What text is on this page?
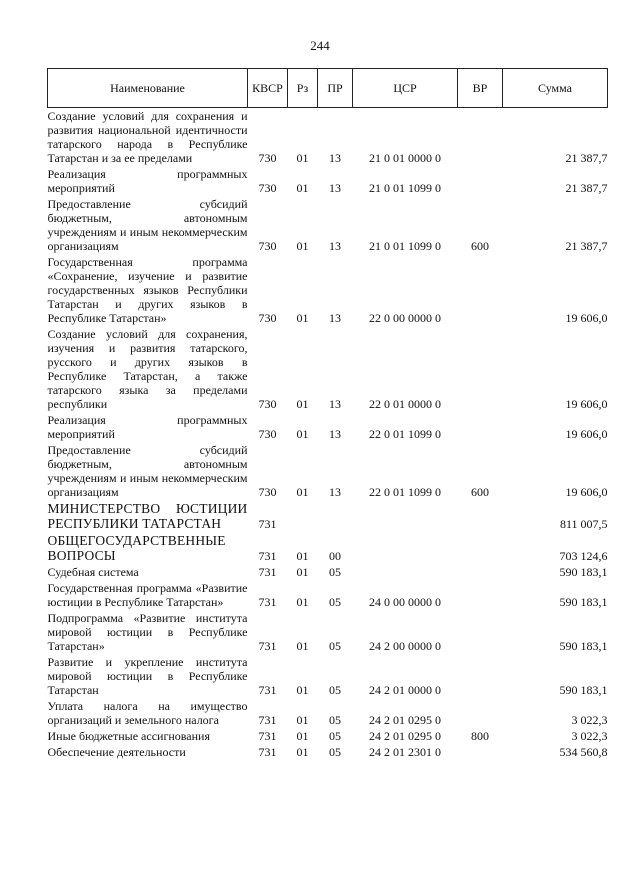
244
Наименование	КВСР	Рз	ПР	ЦСР	ВР	Сумма
Создание условий для сохранения и развития национальной идентичности татарского народа в Республике Татарстан и за ее пределами	730	01	13	21 0 01 0000 0		21 387,7
Реализация программных мероприятий	730	01	13	21 0 01 1099 0		21 387,7
Предоставление субсидий бюджетным, автономным учреждениям и иным некоммерческим организациям	730	01	13	21 0 01 1099 0	600	21 387,7
Государственная программа «Сохранение, изучение и развитие государственных языков Республики Татарстан и других языков в Республике Татарстан»	730	01	13	22 0 00 0000 0		19 606,0
Создание условий для сохранения, изучения и развития татарского, русского и других языков в Республике Татарстан, а также татарского языка за пределами республики	730	01	13	22 0 01 0000 0		19 606,0
Реализация программных мероприятий	730	01	13	22 0 01 1099 0		19 606,0
Предоставление субсидий бюджетным, автономным учреждениям и иным некоммерческим организациям	730	01	13	22 0 01 1099 0	600	19 606,0
МИНИСТЕРСТВО ЮСТИЦИИ РЕСПУБЛИКИ ТАТАРСТАН	731					811 007,5
ОБЩЕГОСУДАРСТВЕННЫЕ ВОПРОСЫ	731	01	00			703 124,6
Судебная система	731	01	05			590 183,1
Государственная программа «Развитие юстиции в Республике Татарстан»	731	01	05	24 0 00 0000 0		590 183,1
Подпрограмма «Развитие института мировой юстиции в Республике Татарстан»	731	01	05	24 2 00 0000 0		590 183,1
Развитие и укрепление института мировой юстиции в Республике Татарстан	731	01	05	24 2 01 0000 0		590 183,1
Уплата налога на имущество организаций и земельного налога	731	01	05	24 2 01 0295 0		3 022,3
Иные бюджетные ассигнования	731	01	05	24 2 01 0295 0	800	3 022,3
Обеспечение деятельности	731	01	05	24 2 01 2301 0		534 560,8
